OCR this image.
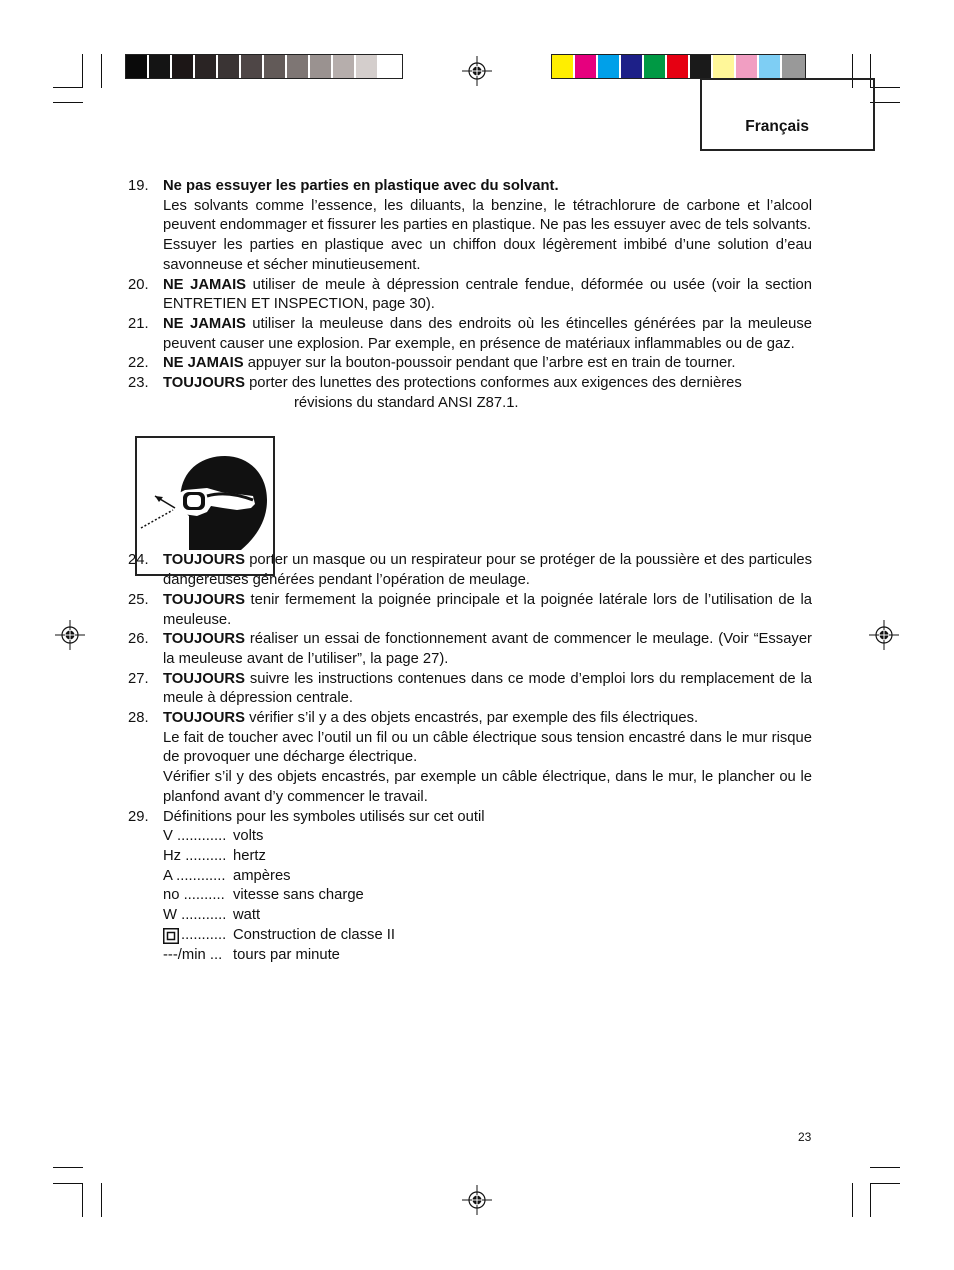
Français
19. Ne pas essuyer les parties en plastique avec du solvant.

Les solvants comme l’essence, les diluants, la benzine, le tétrachlorure de carbone et l’alcool peuvent endommager et fissurer les parties en plastique. Ne pas les essuyer avec de tels solvants.

Essuyer les parties en plastique avec un chiffon doux légèrement imbibé d’une solution d’eau savonneuse et sécher minutieusement.

20. NE JAMAIS utiliser de meule à dépression centrale fendue, déformée ou usée (voir la section ENTRETIEN ET INSPECTION, page 30).

21. NE JAMAIS utiliser la meuleuse dans des endroits où les étincelles générées par la meuleuse peuvent causer une explosion. Par exemple, en présence de matériaux inflammables ou de gaz.

22. NE JAMAIS appuyer sur la bouton-poussoir pendant que l’arbre est en train de tourner.

23. TOUJOURS porter des lunettes des protections conformes aux exigences des dernières

révisions du standard ANSI Z87.1.

24. TOUJOURS porter un masque ou un respirateur pour se protéger de la poussière et des particules dangereuses générées pendant l’opération de meulage.

25. TOUJOURS tenir fermement la poignée principale et la poignée latérale lors de l’utilisation de la meuleuse.

26. TOUJOURS réaliser un essai de fonctionnement avant de commencer le meulage. (Voir “Essayer la meuleuse avant de l’utiliser”, la page 27).

27. TOUJOURS suivre les instructions contenues dans ce mode d’emploi lors du remplacement de la meule à dépression centrale.

28. TOUJOURS vérifier s’il y a des objets encastrés, par exemple des fils électriques.

Le fait de toucher avec l’outil un fil ou un câble électrique sous tension encastré dans le mur risque de provoquer une décharge électrique.

Vérifier s’il y des objets encastrés, par exemple un câble électrique, dans le mur, le plancher ou le planfond avant d’y commencer le travail.

29. Définitions pour les symboles utilisés sur cet outil

V ............ volts
Hz .......... hertz
A ............ ampères
no .......... vitesse sans charge
W ........... watt
........... Construction de classe II
---/min ... tours par minute
23
